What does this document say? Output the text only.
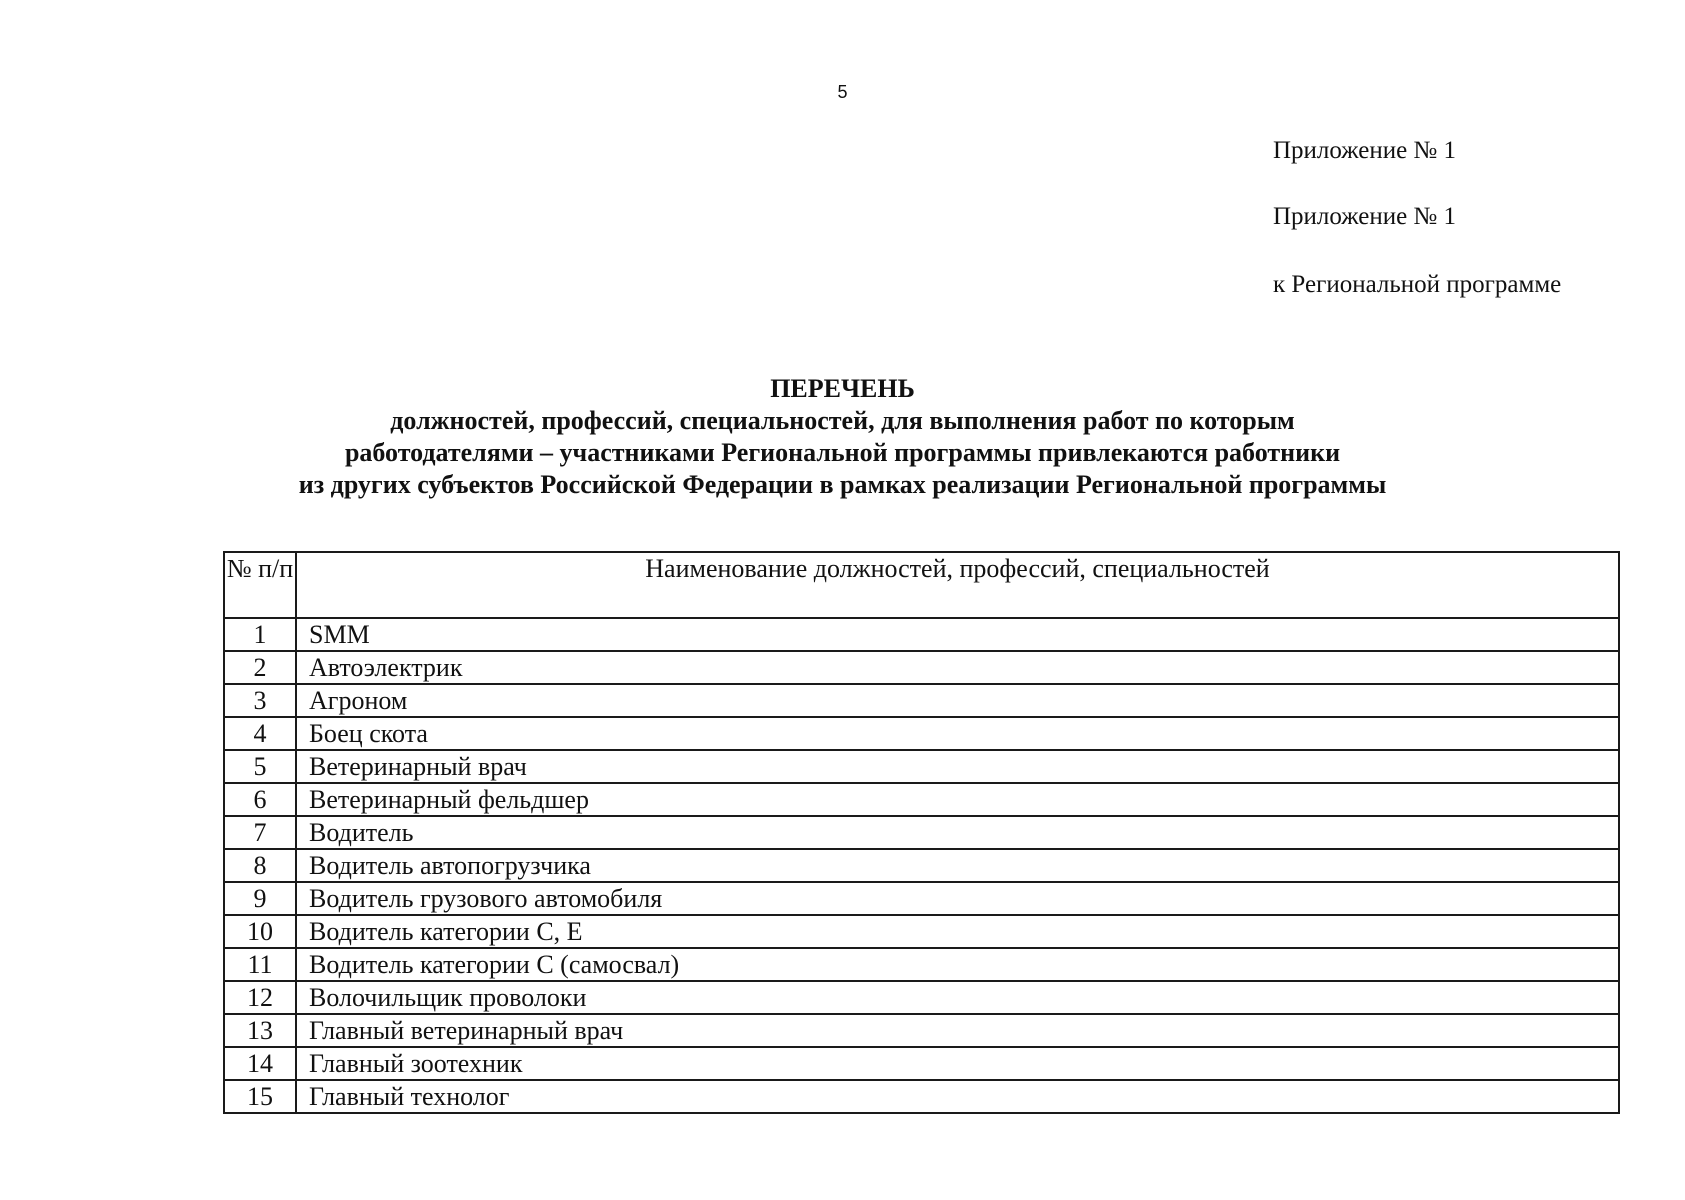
5
Приложение № 1
Приложение № 1
к Региональной программе
ПЕРЕЧЕНЬ
должностей, профессий, специальностей, для выполнения работ по которым
работодателями – участниками Региональной программы привлекаются работники
из других субъектов Российской Федерации в рамках реализации Региональной программы
№ п/п	Наименование должностей, профессий, специальностей
1	SMM
2	Автоэлектрик
3	Агроном
4	Боец скота
5	Ветеринарный врач
6	Ветеринарный фельдшер
7	Водитель
8	Водитель автопогрузчика
9	Водитель грузового автомобиля
10	Водитель категории С, Е
11	Водитель категории С (самосвал)
12	Волочильщик проволоки
13	Главный ветеринарный врач
14	Главный зоотехник
15	Главный технолог
